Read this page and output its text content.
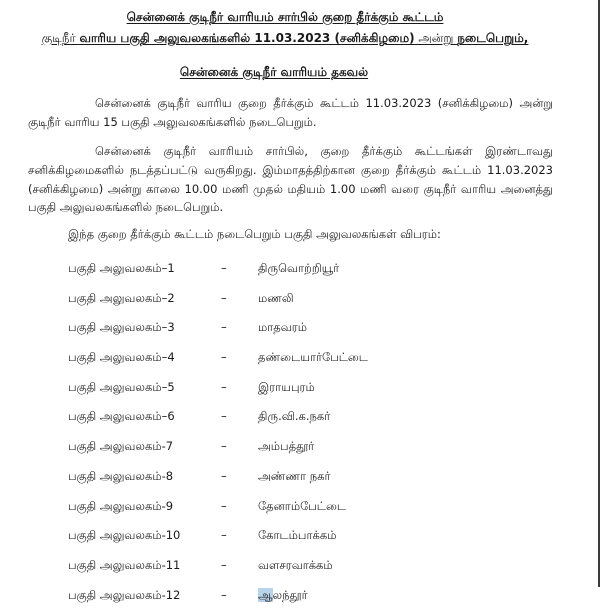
சென்னைக் குடிநீர் வாரியம் சார்பில் குறை தீர்க்கும் கூட்டம்
குடிநீர் வாரிய பகுதி அலுவலகங்களில் 11.03.2023 (சனிக்கிழமை) அன்று நடைபெறும்,
சென்னைக் குடிநீர் வாரியம் தகவல்
சென்னைக் குடிநீர் வாரிய குறை தீர்க்கும் கூட்டம் 11.03.2023 (சனிக்கிழமை) அன்று குடிநீர் வாரிய 15 பகுதி அலுவலகங்களில் நடைபெறும்.
சென்னைக் குடிநீர் வாரியம் சார்பில், குறை தீர்க்கும் கூட்டங்கள் இரண்டாவது சனிக்கிழமைகளில் நடத்தப்பட்டு வருகிறது. இம்மாதத்திற்கான குறை தீர்க்கும் கூட்டம் 11.03.2023 (சனிக்கிழமை) அன்று காலை 10.00 மணி முதல் மதியம் 1.00 மணி வரை குடிநீர் வாரிய அனைத்து பகுதி அலுவலகங்களில் நடைபெறும்.
இந்த குறை தீர்க்கும் கூட்டம் நடைபெறும் பகுதி அலுவலகங்கள் விபரம்:
பகுதி அலுவலகம்–1	–	திருவொற்றியூர்
பகுதி அலுவலகம்–2	–	மணலி
பகுதி அலுவலகம்–3	–	மாதவரம்
பகுதி அலுவலகம்–4	–	தண்டையார்பேட்டை
பகுதி அலுவலகம்–5	–	இராயபுரம்
பகுதி அலுவலகம்–6	–	திரு.வி.க.நகர்
பகுதி அலுவலகம்-7	–	அம்பத்தூர்
பகுதி அலுவலகம்-8	–	அண்ணா நகர்
பகுதி அலுவலகம்-9	–	தேனாம்பேட்டை
பகுதி அலுவலகம்-10	–	கோடம்பாக்கம்
பகுதி அலுவலகம்-11	–	வளசரவாக்கம்
பகுதி அலுவலகம்-12	–	ஆலந்தூர்
